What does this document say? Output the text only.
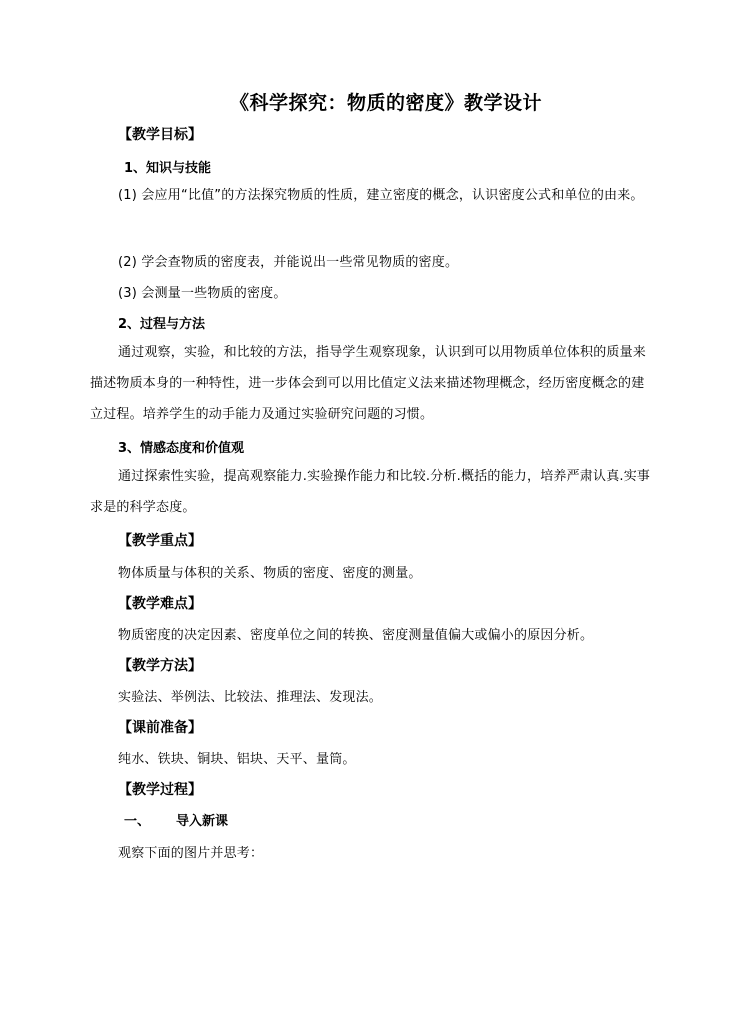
《科学探究：物质的密度》教学设计
【教学目标】
1、知识与技能
(1) 会应用“比值”的方法探究物质的性质，建立密度的概念，认识密度公式和单位的由来。
(2) 学会查物质的密度表，并能说出一些常见物质的密度。
(3) 会测量一些物质的密度。
2、过程与方法
通过观察，实验，和比较的方法，指导学生观察现象，认识到可以用物质单位体积的质量来描述物质本身的一种特性，进一步体会到可以用比值定义法来描述物理概念，经历密度概念的建立过程。培养学生的动手能力及通过实验研究问题的习惯。
3、情感态度和价值观
通过探索性实验，提高观察能力.实验操作能力和比较.分析.概括的能力，培养严肃认真.实事求是的科学态度。
【教学重点】
物体质量与体积的关系、物质的密度、密度的测量。
【教学难点】
物质密度的决定因素、密度单位之间的转换、密度测量值偏大或偏小的原因分析。
【教学方法】
实验法、举例法、比较法、推理法、发现法。
【课前准备】
纯水、铁块、铜块、铝块、天平、量筒。
【教学过程】
一、 导入新课
观察下面的图片并思考：
